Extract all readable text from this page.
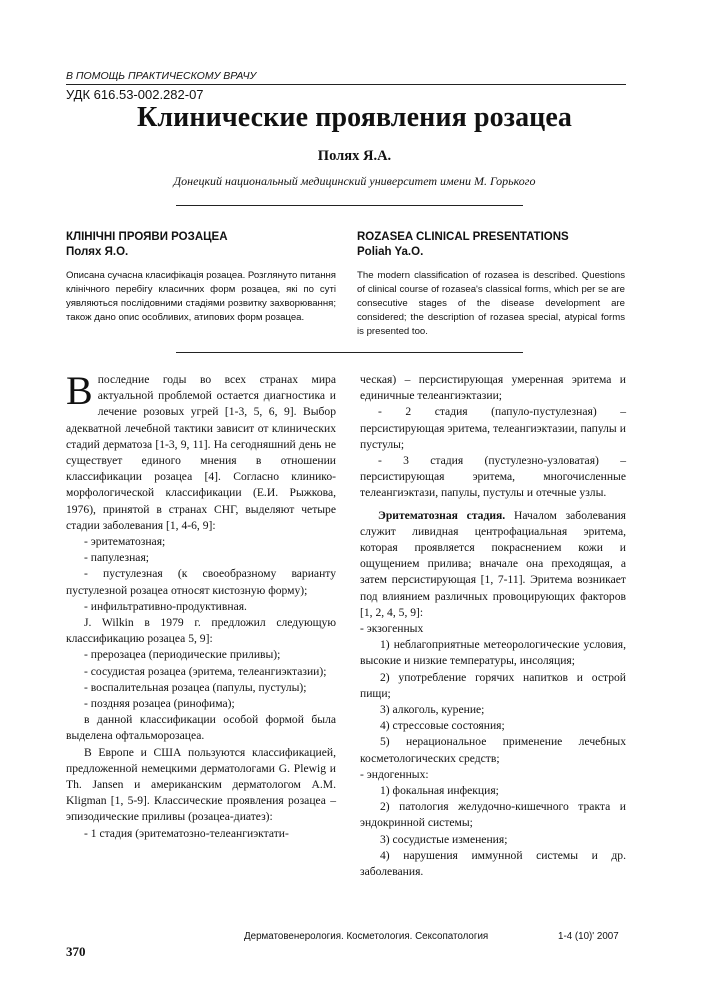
В ПОМОЩЬ ПРАКТИЧЕСКОМУ ВРАЧУ
УДК 616.53-002.282-07
Клинические проявления розацеа
Полях Я.А.
Донецкий национальный медицинский университет имени М. Горького
КЛІНІЧНІ ПРОЯВИ РОЗАЦЕА
Полях Я.О.

Описана сучасна класифікація розацеа. Розглянуто питання клінічного перебігу класичних форм розацеа, які по суті уявляються послідовними стадіями розвитку захворювання; також дано опис особливих, атипових форм розацеа.

ROZASEA CLINICAL PRESENTATIONS
Poliah Ya.O.

The modern classification of rozasea is described. Questions of clinical course of rozasea's classical forms, which per se are consecutive stages of the disease development are considered; the description of rozasea special, atypical forms is presented too.

В последние годы во всех странах мира актуальной проблемой остается диагностика и лечение розовых угрей [1-3, 5, 6, 9]. Выбор адекватной лечебной тактики зависит от клинических стадий дерматоза [1-3, 9, 11]. На сегодняшний день не существует единого мнения в отношении классификации розацеа [4]. Согласно клинико-морфологической классификации (Е.И. Рыжкова, 1976), принятой в странах СНГ, выделяют четыре стадии заболевания [1, 4-6, 9]:

- эритематозная;

- папулезная;

- пустулезная (к своеобразному варианту пустулезной розацеа относят кистозную форму);

- инфильтративно-продуктивная.

J. Wilkin в 1979 г. предложил следующую классификацию розацеа 5, 9]:

- прерозацеа (периодические приливы);

- сосудистая розацеа (эритема, телеангиэктазии);

- воспалительная розацеа (папулы, пустулы);

- поздняя розацеа (ринофима);

в данной классификации особой формой была выделена офтальморозацеа.

В Европе и США пользуются классификацией, предложенной немецкими дерматологами G. Plewig и Th. Jansen и американским дерматологом A.M. Kligman [1, 5-9]. Классические проявления розацеа – эпизодические приливы (розацеа-диатез):

- 1 стадия (эритематозно-телеангиэктати-

ческая) – персистирующая умеренная эритема и единичные телеангиэктазии;

- 2 стадия (папуло-пустулезная) – персистирующая эритема, телеангиэктазии, папулы и пустулы;

- 3 стадия (пустулезно-узловатая) – персистирующая эритема, многочисленные телеангиэктази, папулы, пустулы и отечные узлы.

Эритематозная стадия. Началом заболевания служит ливидная центрофациальная эритема, которая проявляется покраснением кожи и ощущением прилива; вначале она преходящая, а затем персистирующая [1, 7-11]. Эритема возникает под влиянием различных провоцирующих факторов [1, 2, 4, 5, 9]:

- экзогенных

1) неблагоприятные метеорологические условия, высокие и низкие температуры, инсоляция;

2) употребление горячих напитков и острой пищи;

3) алкоголь, курение;

4) стрессовые состояния;

5) нерациональное применение лечебных косметологических средств;

- эндогенных:

1) фокальная инфекция;

2) патология желудочно-кишечного тракта и эндокринной системы;

3) сосудистые изменения;

4) нарушения иммунной системы и др. заболевания.

Дерматовенерология. Косметология. Сексопатология	1-4 (10)' 2007
370
